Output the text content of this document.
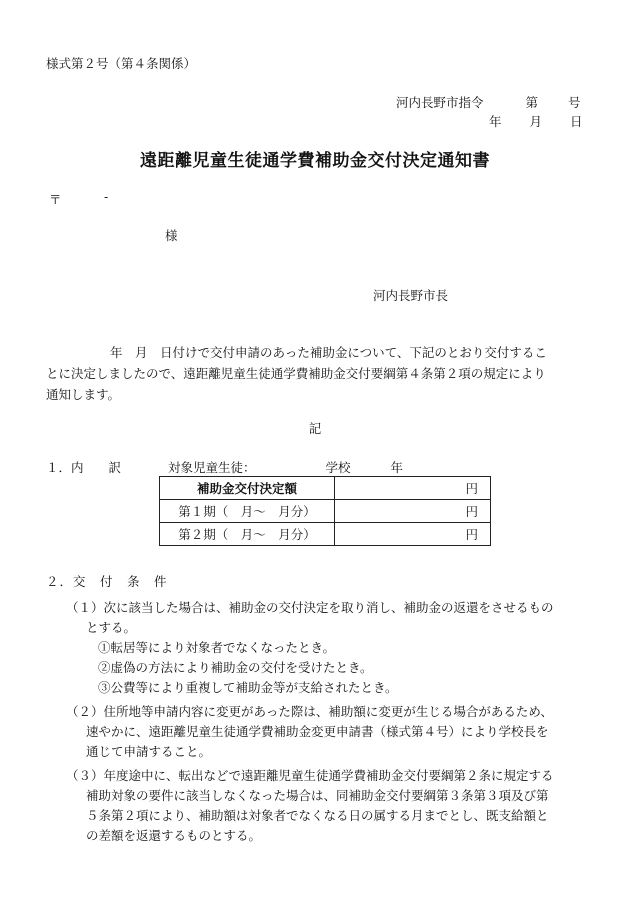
様式第２号（第４条関係）
河内長野市指令	第 号
年 月 日
遠距離児童生徒通学費補助金交付決定通知書
〒	-
様
河内長野市長
年　月　日付けで交付申請のあった補助金について、下記のとおり交付するこ
とに決定しましたので、遠距離児童生徒通学費補助金交付要綱第４条第２項の規定により
通知します。
記
１．内　　訳	対象児童生徒：	学校	年
補助金交付決定額	円
第１期（　月〜　月分）	円
第２期（　月〜　月分）	円
２．交　付　条　件
（１）次に該当した場合は、補助金の交付決定を取り消し、補助金の返還をさせるもの
とする。
①転居等により対象者でなくなったとき。
②虚偽の方法により補助金の交付を受けたとき。
③公費等により重複して補助金等が支給されたとき。
（２）住所地等申請内容に変更があった際は、補助額に変更が生じる場合があるため、
速やかに、遠距離児童生徒通学費補助金変更申請書（様式第４号）により学校長を
通じて申請すること。
（３）年度途中に、転出などで遠距離児童生徒通学費補助金交付要綱第２条に規定する
補助対象の要件に該当しなくなった場合は、同補助金交付要綱第３条第３項及び第
５条第２項により、補助額は対象者でなくなる日の属する月までとし、既支給額と
の差額を返還するものとする。
